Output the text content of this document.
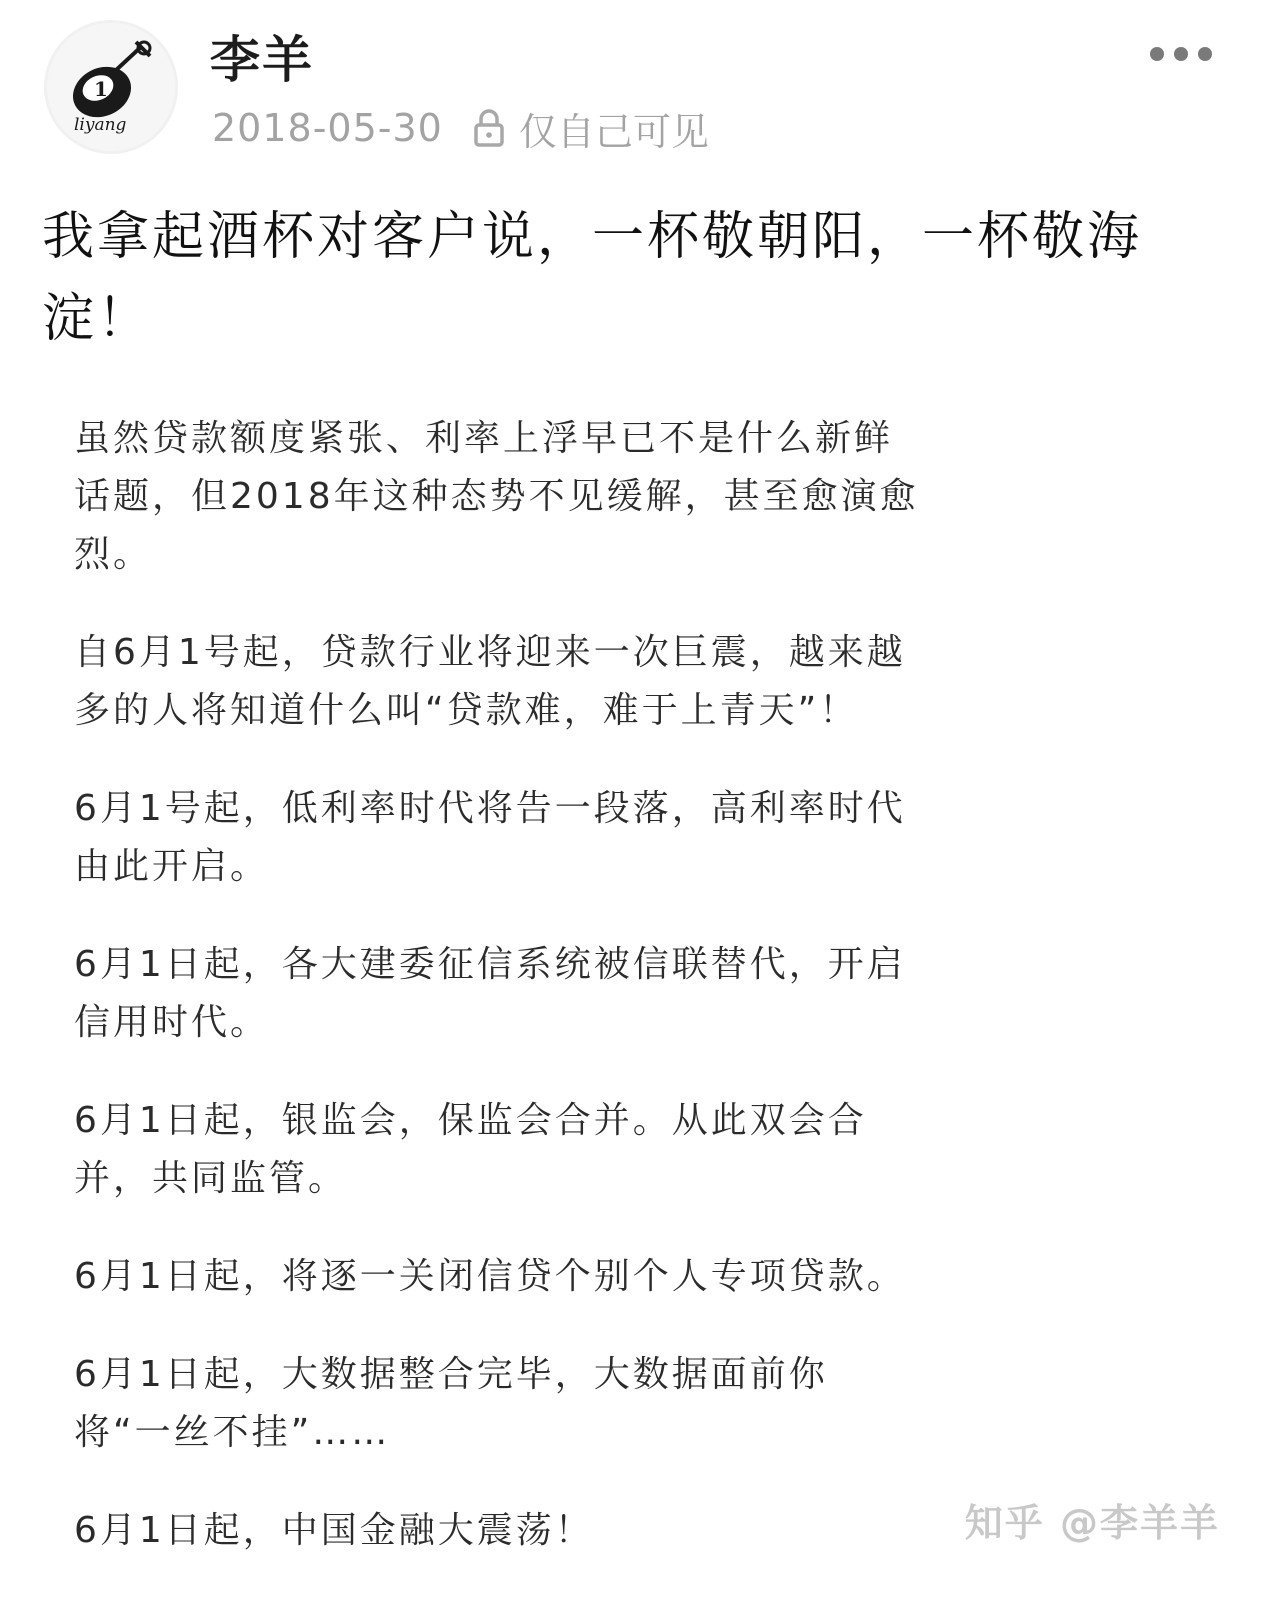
1
liyang
李羊
2018-05-30 仅自己可见
我拿起酒杯对客户说，一杯敬朝阳，一杯敬海淀！

虽然贷款额度紧张、利率上浮早已不是什么新鲜话题，但2018年这种态势不见缓解，甚至愈演愈烈。

自6月1号起，贷款行业将迎来一次巨震，越来越多的人将知道什么叫“贷款难，难于上青天”！

6月1号起，低利率时代将告一段落，高利率时代由此开启。

6月1日起，各大建委征信系统被信联替代，开启信用时代。

6月1日起，银监会，保监会合并。从此双会合并，共同监管。

6月1日起，将逐一关闭信贷个别个人专项贷款。

6月1日起，大数据整合完毕，大数据面前你将“一丝不挂”……

6月1日起，中国金融大震荡！	知乎 @李羊羊
